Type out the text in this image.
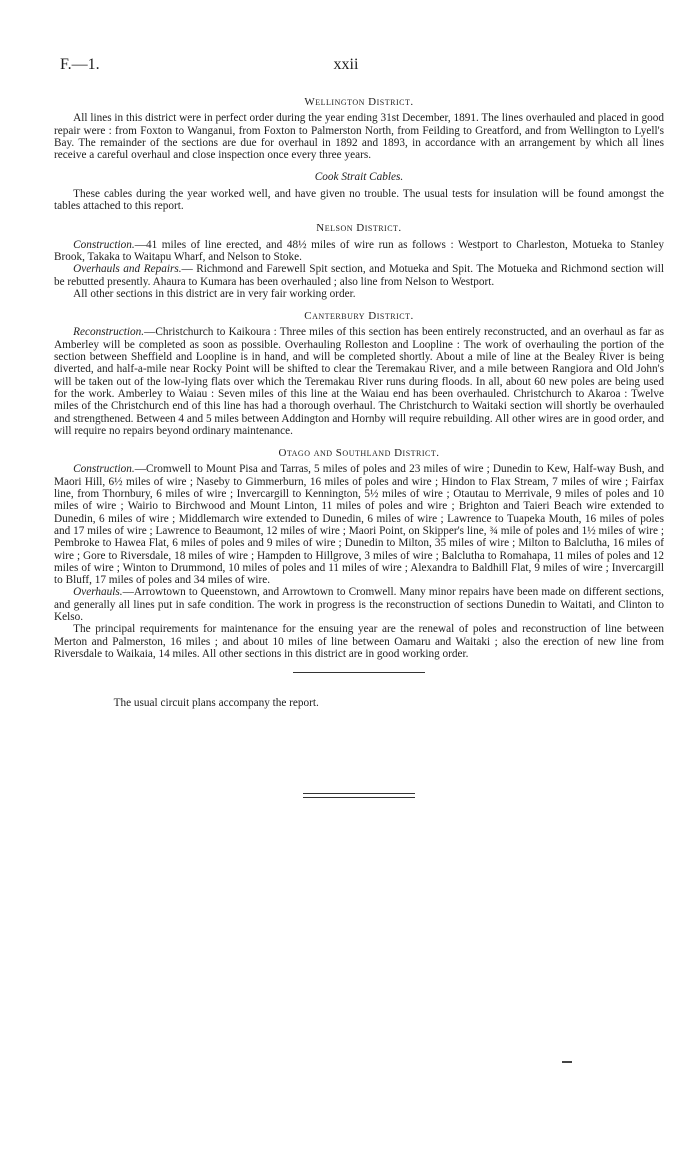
F.—1.	xxii
Wellington District.

All lines in this district were in perfect order during the year ending 31st December, 1891. The lines overhauled and placed in good repair were : from Foxton to Wanganui, from Foxton to Palmerston North, from Feilding to Greatford, and from Wellington to Lyell's Bay. The remainder of the sections are due for overhaul in 1892 and 1893, in accordance with an arrangement by which all lines receive a careful overhaul and close inspection once every three years.

Cook Strait Cables.

These cables during the year worked well, and have given no trouble. The usual tests for insulation will be found amongst the tables attached to this report.

Nelson District.

Construction.—41 miles of line erected, and 48½ miles of wire run as follows : Westport to Charleston, Motueka to Stanley Brook, Takaka to Waitapu Wharf, and Nelson to Stoke.

Overhauls and Repairs.— Richmond and Farewell Spit section, and Motueka and Spit. The Motueka and Richmond section will be rebutted presently. Ahaura to Kumara has been overhauled ; also line from Nelson to Westport.

All other sections in this district are in very fair working order.

Canterbury District.

Reconstruction.—Christchurch to Kaikoura : Three miles of this section has been entirely reconstructed, and an overhaul as far as Amberley will be completed as soon as possible. Overhauling Rolleston and Loopline : The work of overhauling the portion of the section between Sheffield and Loopline is in hand, and will be completed shortly. About a mile of line at the Bealey River is being diverted, and half-a-mile near Rocky Point will be shifted to clear the Teremakau River, and a mile between Rangiora and Old John's will be taken out of the low-lying flats over which the Teremakau River runs during floods. In all, about 60 new poles are being used for the work. Amberley to Waiau : Seven miles of this line at the Waiau end has been overhauled. Christchurch to Akaroa : Twelve miles of the Christchurch end of this line has had a thorough overhaul. The Christchurch to Waitaki section will shortly be overhauled and strengthened. Between 4 and 5 miles between Addington and Hornby will require rebuilding. All other wires are in good order, and will require no repairs beyond ordinary maintenance.

Otago and Southland District.

Construction.—Cromwell to Mount Pisa and Tarras, 5 miles of poles and 23 miles of wire ; Dunedin to Kew, Half-way Bush, and Maori Hill, 6½ miles of wire ; Naseby to Gimmerburn, 16 miles of poles and wire ; Hindon to Flax Stream, 7 miles of wire ; Fairfax line, from Thornbury, 6 miles of wire ; Invercargill to Kennington, 5½ miles of wire ; Otautau to Merrivale, 9 miles of poles and 10 miles of wire ; Wairio to Birchwood and Mount Linton, 11 miles of poles and wire ; Brighton and Taieri Beach wire extended to Dunedin, 6 miles of wire ; Middlemarch wire extended to Dunedin, 6 miles of wire ; Lawrence to Tuapeka Mouth, 16 miles of poles and 17 miles of wire ; Lawrence to Beaumont, 12 miles of wire ; Maori Point, on Skipper's line, ¾ mile of poles and 1½ miles of wire ; Pembroke to Hawea Flat, 6 miles of poles and 9 miles of wire ; Dunedin to Milton, 35 miles of wire ; Milton to Balclutha, 16 miles of wire ; Gore to Riversdale, 18 miles of wire ; Hampden to Hillgrove, 3 miles of wire ; Balclutha to Romahapa, 11 miles of poles and 12 miles of wire ; Winton to Drummond, 10 miles of poles and 11 miles of wire ; Alexandra to Baldhill Flat, 9 miles of wire ; Invercargill to Bluff, 17 miles of poles and 34 miles of wire.

Overhauls.—Arrowtown to Queenstown, and Arrowtown to Cromwell. Many minor repairs have been made on different sections, and generally all lines put in safe condition. The work in progress is the reconstruction of sections Dunedin to Waitati, and Clinton to Kelso.

The principal requirements for maintenance for the ensuing year are the renewal of poles and reconstruction of line between Merton and Palmerston, 16 miles ; and about 10 miles of line between Oamaru and Waitaki ; also the erection of new line from Riversdale to Waikaia, 14 miles. All other sections in this district are in good working order.

The usual circuit plans accompany the report.
